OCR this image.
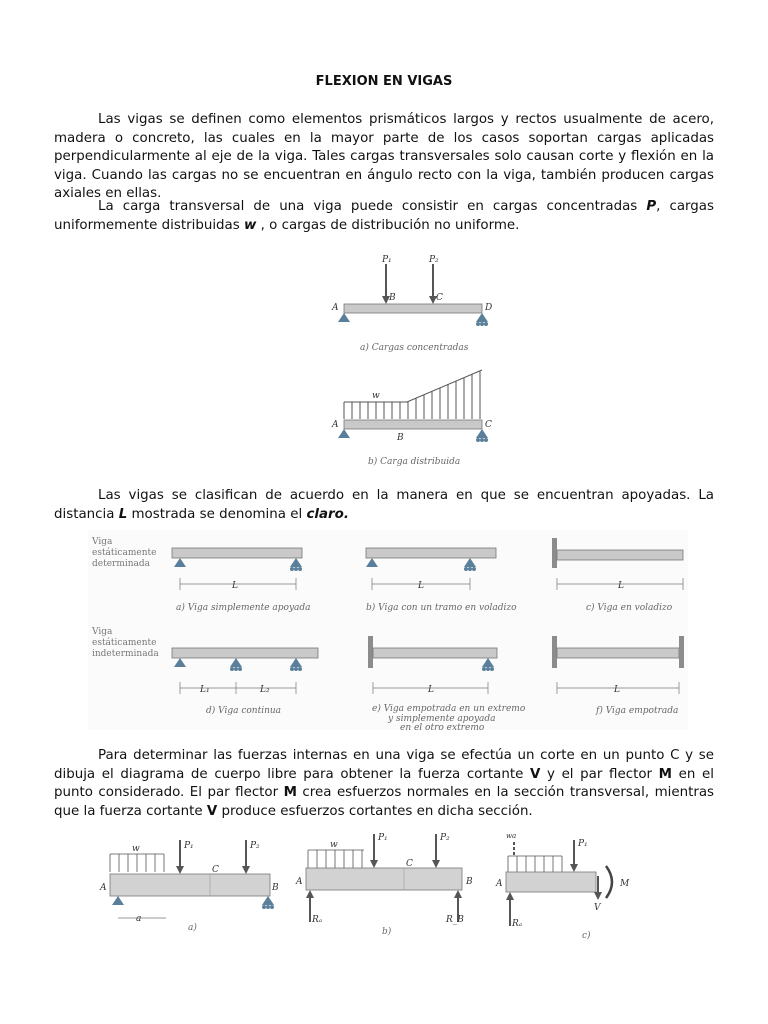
FLEXION EN VIGAS

Las vigas se definen como elementos prismáticos largos y rectos usualmente de acero, madera o concreto, las cuales en la mayor parte de los casos soportan cargas aplicadas perpendicularmente al eje de la viga. Tales cargas transversales solo causan corte y flexión en la viga. Cuando las cargas no se encuentran en ángulo recto con la viga, también producen cargas axiales en ellas.

La carga transversal de una viga puede consistir en cargas concentradas P, cargas uniformemente distribuidas w , o cargas de distribución no uniforme.

P₁	P₂
A
B	C
D
a) Cargas concentradas
w
A
B
C
b) Carga distribuida

Las vigas se clasifican de acuerdo en la manera en que se encuentran apoyadas. La distancia L mostrada se denomina el claro.

Viga
estáticamente
determinada
Viga
estáticamente
indeterminada
L
a) Viga simplemente apoyada
L
b) Viga con un tramo en voladizo
L
c) Viga en voladizo
L₁	L₂
d) Viga continua
L
e) Viga empotrada en un extremo
y simplemente apoyada
en el otro extremo
L
f) Viga empotrada

Para determinar las fuerzas internas en una viga se efectúa un corte en un punto C y se dibuja el diagrama de cuerpo libre para obtener la fuerza cortante V y el par flector M en el punto considerado. El par flector M crea esfuerzos normales en la sección transversal, mientras que la fuerza cortante V produce esfuerzos cortantes en dicha sección.

w	P₁	P₂
C
A	B
a
a)
w
P₁	P₂
C
A	B
Rₐ	R_B
b)
wa
P₁
A	M
V
Rₐ
c)
